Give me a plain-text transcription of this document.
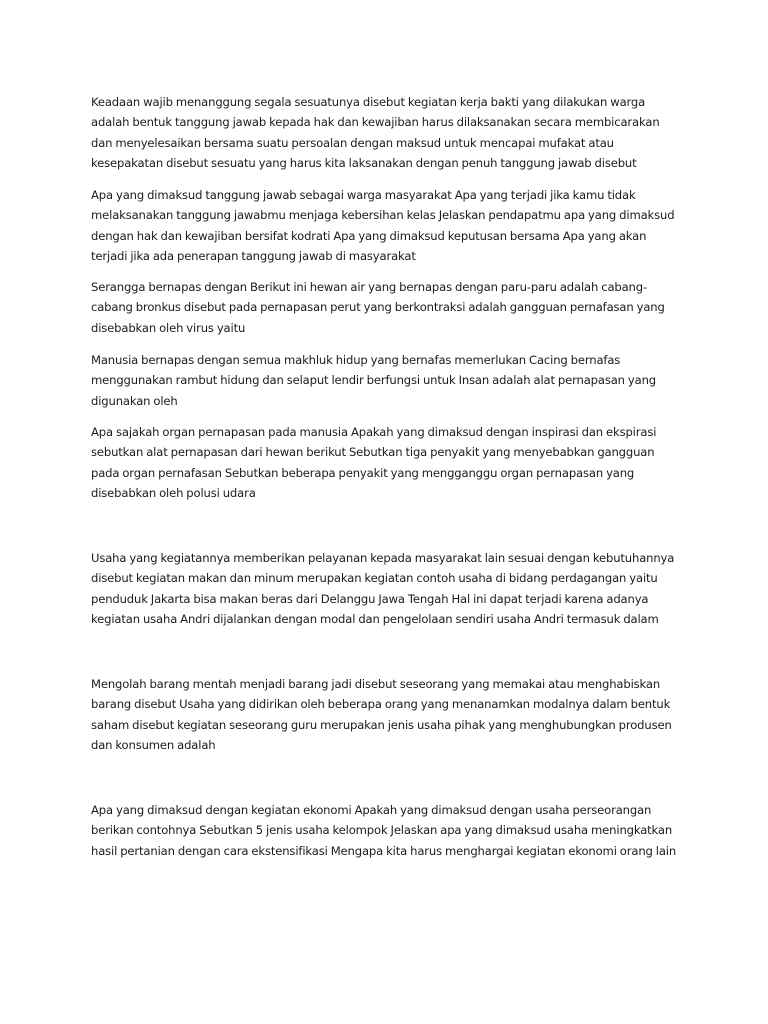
Keadaan wajib menanggung segala sesuatunya disebut kegiatan kerja bakti yang dilakukan warga adalah bentuk tanggung jawab kepada hak dan kewajiban harus dilaksanakan secara membicarakan dan menyelesaikan bersama suatu persoalan dengan maksud untuk mencapai mufakat atau kesepakatan disebut sesuatu yang harus kita laksanakan dengan penuh tanggung jawab disebut

Apa yang dimaksud tanggung jawab sebagai warga masyarakat Apa yang terjadi jika kamu tidak melaksanakan tanggung jawabmu menjaga kebersihan kelas Jelaskan pendapatmu apa yang dimaksud dengan hak dan kewajiban bersifat kodrati Apa yang dimaksud keputusan bersama Apa yang akan terjadi jika ada penerapan tanggung jawab di masyarakat

Serangga bernapas dengan Berikut ini hewan air yang bernapas dengan paru-paru adalah cabang-cabang bronkus disebut pada pernapasan perut yang berkontraksi adalah gangguan pernafasan yang disebabkan oleh virus yaitu

Manusia bernapas dengan semua makhluk hidup yang bernafas memerlukan Cacing bernafas menggunakan rambut hidung dan selaput lendir berfungsi untuk Insan adalah alat pernapasan yang digunakan oleh

Apa sajakah organ pernapasan pada manusia Apakah yang dimaksud dengan inspirasi dan ekspirasi sebutkan alat pernapasan dari hewan berikut Sebutkan tiga penyakit yang menyebabkan gangguan pada organ pernafasan Sebutkan beberapa penyakit yang mengganggu organ pernapasan yang disebabkan oleh polusi udara

Usaha yang kegiatannya memberikan pelayanan kepada masyarakat lain sesuai dengan kebutuhannya disebut kegiatan makan dan minum merupakan kegiatan contoh usaha di bidang perdagangan yaitu penduduk Jakarta bisa makan beras dari Delanggu Jawa Tengah Hal ini dapat terjadi karena adanya kegiatan usaha Andri dijalankan dengan modal dan pengelolaan sendiri usaha Andri termasuk dalam

Mengolah barang mentah menjadi barang jadi disebut seseorang yang memakai atau menghabiskan barang disebut Usaha yang didirikan oleh beberapa orang yang menanamkan modalnya dalam bentuk saham disebut kegiatan seseorang guru merupakan jenis usaha pihak yang menghubungkan produsen dan konsumen adalah

Apa yang dimaksud dengan kegiatan ekonomi Apakah yang dimaksud dengan usaha perseorangan berikan contohnya Sebutkan 5 jenis usaha kelompok Jelaskan apa yang dimaksud usaha meningkatkan hasil pertanian dengan cara ekstensifikasi Mengapa kita harus menghargai kegiatan ekonomi orang lain
